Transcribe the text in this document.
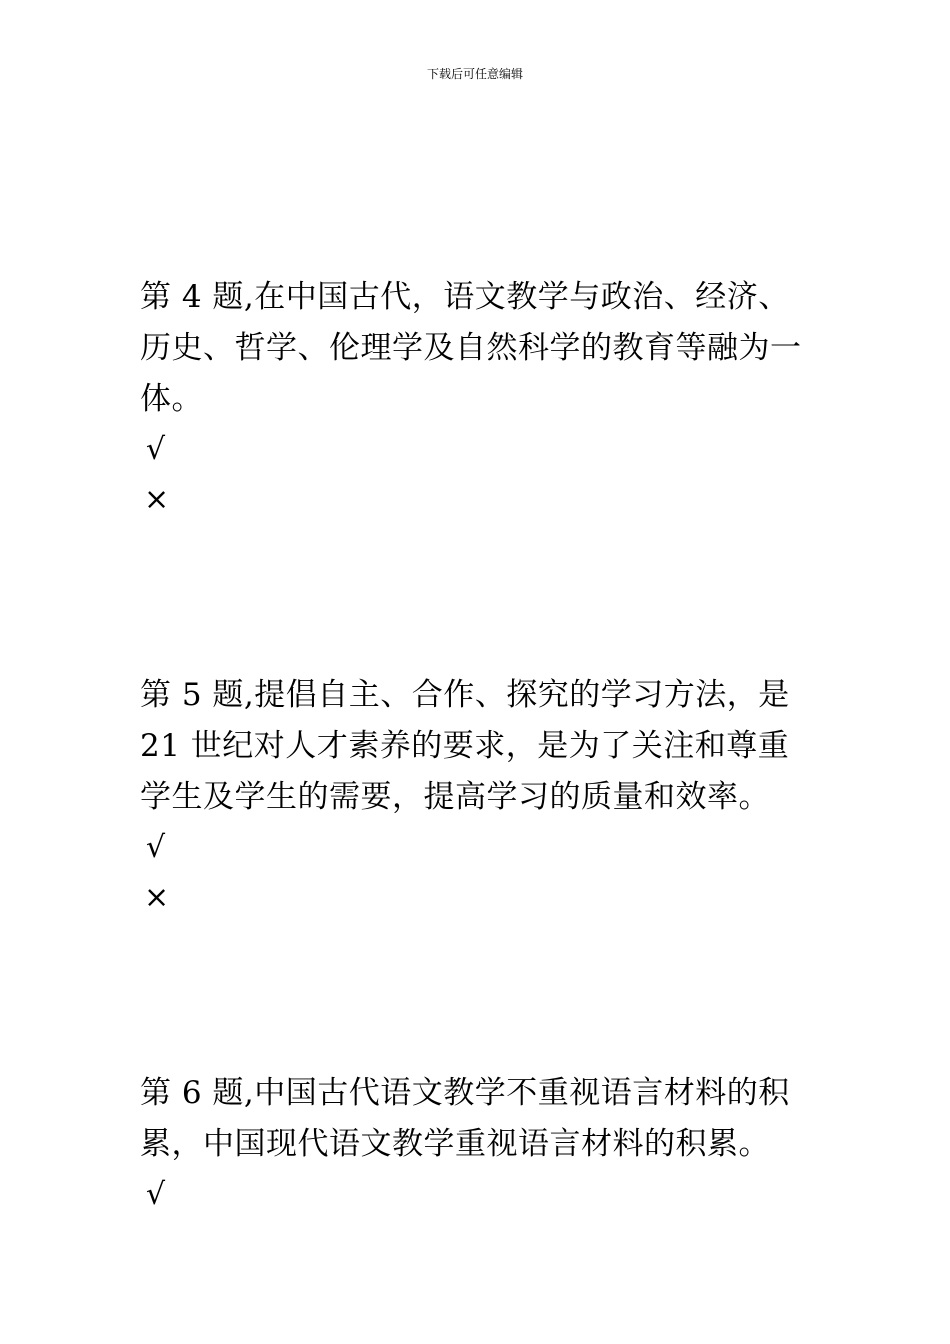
下载后可任意编辑
第 4 题,在中国古代，语文教学与政治、经济、
历史、哲学、伦理学及自然科学的教育等融为一
体。
√
×
第 5 题,提倡自主、合作、探究的学习方法，是
21 世纪对人才素养的要求，是为了关注和尊重
学生及学生的需要，提高学习的质量和效率。
√
×
第 6 题,中国古代语文教学不重视语言材料的积
累，中国现代语文教学重视语言材料的积累。
√
